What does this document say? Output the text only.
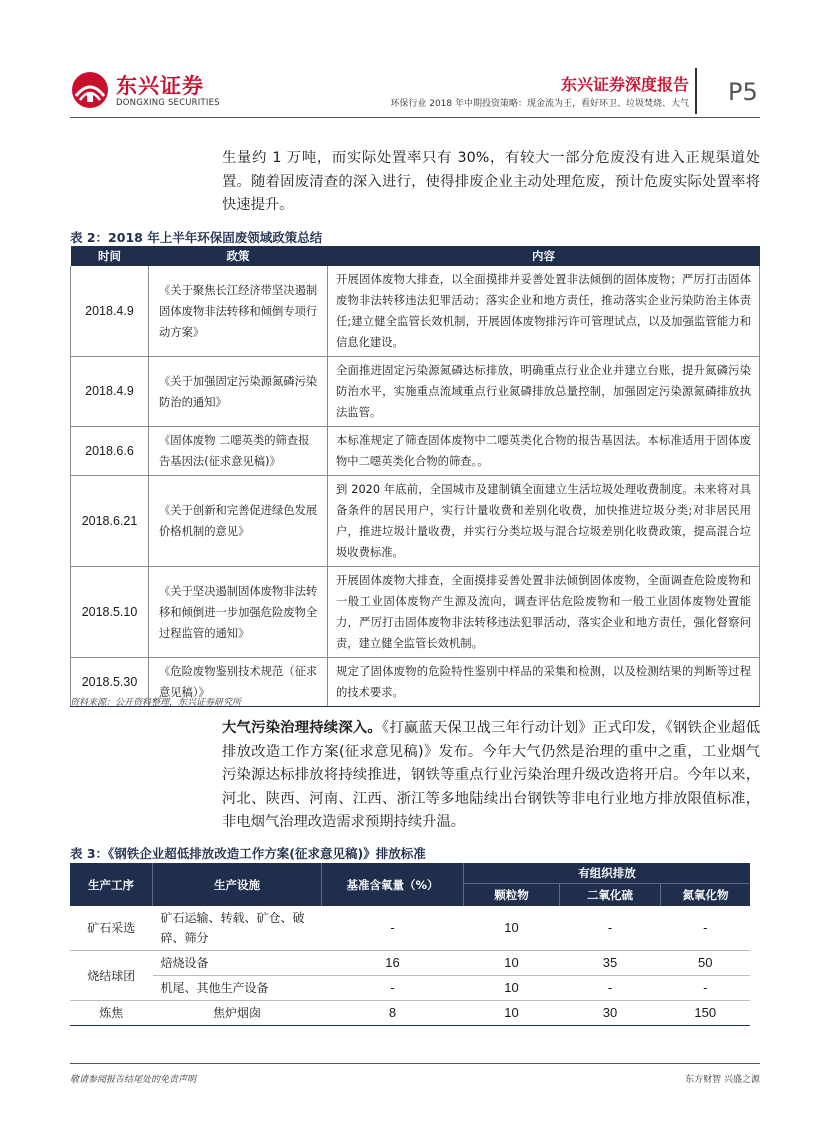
东兴证券
DONGXING SECURITIES
东兴证券深度报告
环保行业 2018 年中期投资策略：现金流为王，看好环卫、垃圾焚烧、大气 P5
生量约 1 万吨，而实际处置率只有 30%，有较大一部分危废没有进入正规渠道处置。随着固废清查的深入进行，使得排废企业主动处理危废，预计危废实际处置率将快速提升。
表 2：2018 年上半年环保固废领域政策总结
时间	政策	内容
2018.4.9	《关于聚焦长江经济带坚决遏制固体废物非法转移和倾倒专项行动方案》	开展固体废物大排查，以全面摸排并妥善处置非法倾倒的固体废物；严厉打击固体废物非法转移违法犯罪活动；落实企业和地方责任，推动落实企业污染防治主体责任;建立健全监管长效机制，开展固体废物排污许可管理试点，以及加强监管能力和信息化建设。
2018.4.9	《关于加强固定污染源氮磷污染防治的通知》	全面推进固定污染源氮磷达标排放，明确重点行业企业并建立台账，提升氮磷污染防治水平，实施重点流域重点行业氮磷排放总量控制，加强固定污染源氮磷排放执法监管。
2018.6.6	《固体废物 二噁英类的筛查报告基因法(征求意见稿)》	本标准规定了筛查固体废物中二噁英类化合物的报告基因法。本标准适用于固体废物中二噁英类化合物的筛查。。
2018.6.21	《关于创新和完善促进绿色发展价格机制的意见》	到 2020 年底前，全国城市及建制镇全面建立生活垃圾处理收费制度。未来将对具备条件的居民用户，实行计量收费和差别化收费，加快推进垃圾分类;对非居民用户，推进垃圾计量收费，并实行分类垃圾与混合垃圾差别化收费政策，提高混合垃圾收费标准。
2018.5.10	《关于坚决遏制固体废物非法转移和倾倒进一步加强危险废物全过程监管的通知》	开展固体废物大排查，全面摸排妥善处置非法倾倒固体废物，全面调查危险废物和一般工业固体废物产生源及流向，调查评估危险废物和一般工业固体废物处置能力，严厉打击固体废物非法转移违法犯罪活动，落实企业和地方责任，强化督察问责，建立健全监管长效机制。
2018.5.30	《危险废物鉴别技术规范（征求意见稿）》	规定了固体废物的危险特性鉴别中样品的采集和检测，以及检测结果的判断等过程的技术要求。
资料来源：公开资料整理，东兴证券研究所
大气污染治理持续深入。《打赢蓝天保卫战三年行动计划》正式印发，《钢铁企业超低排放改造工作方案(征求意见稿)》发布。今年大气仍然是治理的重中之重，工业烟气污染源达标排放将持续推进，钢铁等重点行业污染治理升级改造将开启。今年以来，河北、陕西、河南、江西、浙江等多地陆续出台钢铁等非电行业地方排放限值标准，非电烟气治理改造需求预期持续升温。
表 3：《钢铁企业超低排放改造工作方案(征求意见稿)》排放标准
生产工序	生产设施	基准含氧量（%）	有组织排放		
			颗粒物	二氧化硫	氮氧化物
矿石采选	矿石运输、转载、矿仓、破碎、筛分	-	10	-	-
烧结球团	焙烧设备	16	10	35	50
	机尾、其他生产设备	-	10	-	-
炼焦	焦炉烟囱	8	10	30	150
敬请参阅报告结尾处的免责声明	东方财智 兴盛之源
